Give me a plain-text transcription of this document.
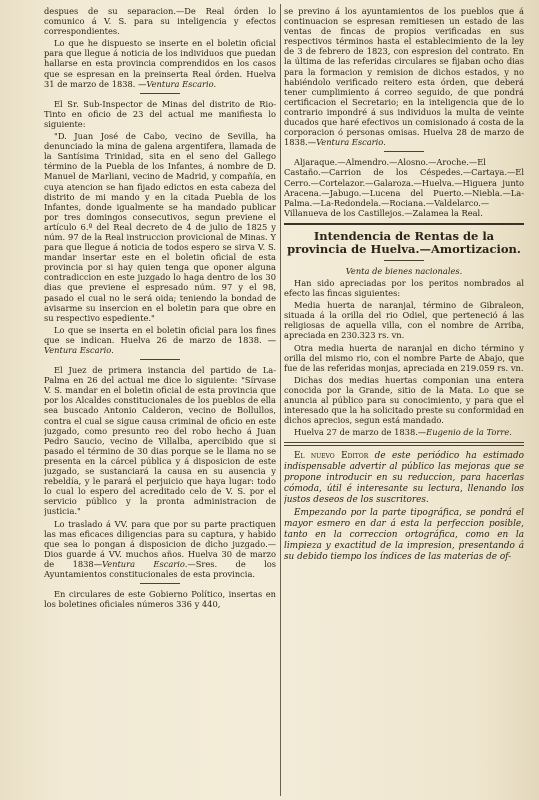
despues de su separacion.—De Real órden lo comunico á V. S. para su inteligencia y efectos correspondientes.

Lo que he dispuesto se inserte en el boletin oficial para que llegue á noticia de los individuos que puedan hallarse en esta provincia comprendidos en los casos que se espresan en la preinserta Real órden. Huelva 31 de marzo de 1838. —Ventura Escario.

El Sr. Sub-Inspector de Minas del distrito de Rio-Tinto en oficio de 23 del actual me manifiesta lo siguiente:

"D. Juan José de Cabo, vecino de Sevilla, ha denunciado la mina de galena argentifera, llamada de la Santísima Trinidad, sita en el seno del Gallego término de la Puebla de los Infantes, á nombre de D. Manuel de Marliani, vecino de Madrid, y compañía, en cuya atencion se han fijado edictos en esta cabeza del distrito de mi mando y en la citada Puebla de los Infantes, donde igualmente se ha mandado publicar por tres domingos consecutivos, segun previene el artículo 6.º del Real decreto de 4 de julio de 1825 y núm. 97 de la Real instruccion provicional de Minas. Y para que llegue á noticia de todos espero se sirva V. S. mandar insertar este en el boletin oficial de esta provincia por si hay quien tenga que oponer alguna contradiccion en este juzgado lo haga dentro de los 30 dias que previene el espresado núm. 97 y el 98, pasado el cual no le será oida; teniendo la bondad de avisarme su insercion en el boletin para que obre en su respectivo espediente."

Lo que se inserta en el boletin oficial para los fines que se indican. Huelva 26 de marzo de 1838. —Ventura Escario.

El Juez de primera instancia del partido de La-Palma en 26 del actual me dice lo siguiente: "Sírvase V. S. mandar en el boletin oficial de esta provincia que por los Alcaldes constitucionales de los pueblos de ella sea buscado Antonio Calderon, vecino de Bollullos, contra el cual se sigue causa criminal de oficio en este juzgado, como presunto reo del robo hecho á Juan Pedro Saucio, vecino de Villalba, apercibido que si pasado el término de 30 dias porque se le llama no se presenta en la cárcel pública y á disposicion de este juzgado, se sustanciará la causa en su ausencia y rebeldía, y le parará el perjuicio que haya lugar: todo lo cual lo espero del acreditado celo de V. S. por el servicio público y la pronta administracion de justicia."

Lo traslado á VV. para que por su parte practiquen las mas eficaces diligencias para su captura, y habido que sea lo pongan á disposicion de dicho juzgado.—Dios guarde á VV. muchos años. Huelva 30 de marzo de 1838—Ventura Escario.—Sres. de los Ayuntamientos constitucionales de esta provincia.

En circulares de este Gobierno Político, insertas en los boletines oficiales números 336 y 440,

se previno á los ayuntamientos de los pueblos que á continuacion se espresan remitiesen un estado de las ventas de fincas de propios verificadas en sus respectivos términos hasta el establecimiento de la ley de 3 de febrero de 1823, con espresion del contrato. En la última de las referidas circulares se fijaban ocho dias para la formacion y remision de dichos estados, y no habiéndolo verificado reitero esta órden, que deberá tener cumplimiento á correo seguido, de que pondrá certificacion el Secretario; en la inteligencia que de lo contrario impondré á sus individuos la multa de veinte ducados que haré efectivos un comisionado á costa de la corporacion ó personas omisas. Huelva 28 de marzo de 1838.—Ventura Escario.

Aljaraque.—Almendro.—Alosno.—Aroche.—El Castaño.—Carrion de los Céspedes.—Cartaya.—El Cerro.—Cortelazor.—Galaroza.—Huelva.—Higuera junto Aracena.—Jabugo.—Lucena del Puerto.—Niebla.—La-Palma.—La-Redondela.—Rociana.—Valdelarco.—Villanueva de los Castillejos.—Zalamea la Real.

Intendencia de Rentas de la provincia de Huelva.—Amortizacion.
Venta de bienes nacionales.

Han sido apreciadas por los peritos nombrados al efecto las fincas siguientes:

Media huerta de naranjal, término de Gibraleon, situada á la orilla del rio Odiel, que perteneció á las religiosas de aquella villa, con el nombre de Arriba, apreciada en 230.323 rs. vn.

Otra media huerta de naranjal en dicho término y orilla del mismo rio, con el nombre Parte de Abajo, que fue de las referidas monjas, apreciada en 219.059 rs. vn.

Dichas dos medias huertas componian una entera conocida por la Grande, sitio de la Mata. Lo que se anuncia al público para su conocimiento, y para que el interesado que la ha solicitado preste su conformidad en dichos aprecios, segun está mandado.

Huelva 27 de marzo de 1838.—Eugenio de la Torre.

El nuevo Editor de este periódico ha estimado indispensable advertir al público las mejoras que se propone introducir en su reduccion, para hacerlas cómoda, útil é interesante su lectura, llenando los justos deseos de los suscritores.

Empezando por la parte tipográfica, se pondrá el mayor esmero en dar á esta la perfeccion posible, tanto en la correccion ortográfica, como en la limpieza y exactitud de la impresion, presentando á su debido tiempo los índices de las materias de of-
